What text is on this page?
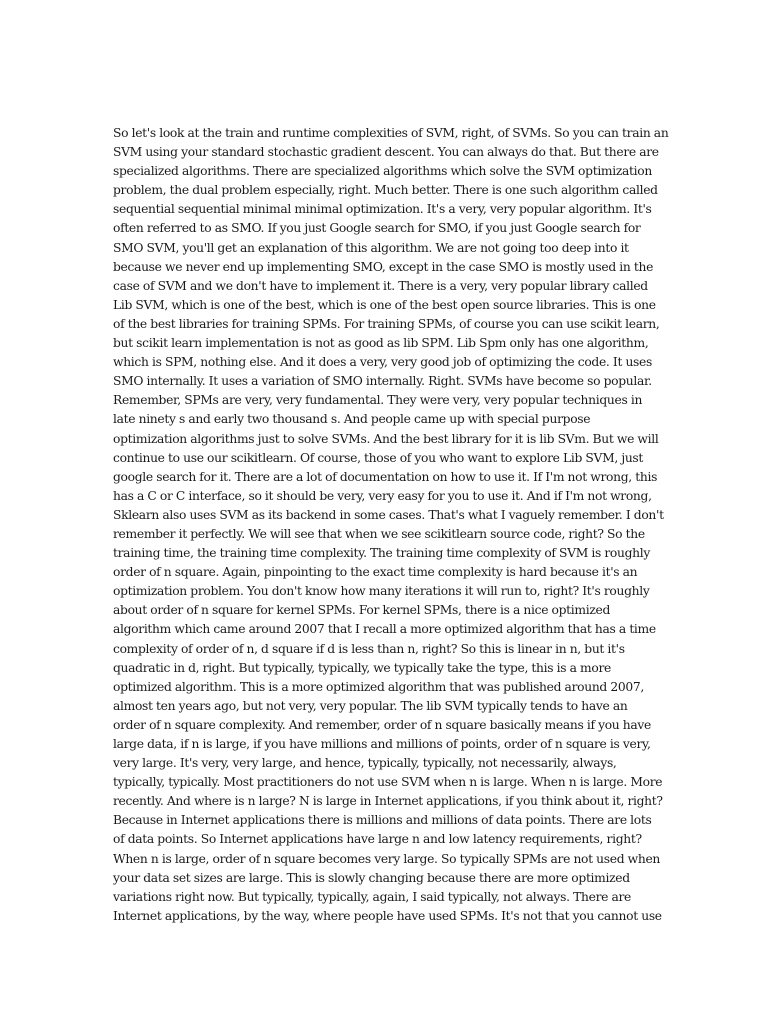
So let's look at the train and runtime complexities of SVM, right, of SVMs. So you can train an
SVM using your standard stochastic gradient descent. You can always do that. But there are
specialized algorithms. There are specialized algorithms which solve the SVM optimization
problem, the dual problem especially, right. Much better. There is one such algorithm called
sequential sequential minimal minimal optimization. It's a very, very popular algorithm. It's
often referred to as SMO. If you just Google search for SMO, if you just Google search for
SMO SVM, you'll get an explanation of this algorithm. We are not going too deep into it
because we never end up implementing SMO, except in the case SMO is mostly used in the
case of SVM and we don't have to implement it. There is a very, very popular library called
Lib SVM, which is one of the best, which is one of the best open source libraries. This is one
of the best libraries for training SPMs. For training SPMs, of course you can use scikit learn,
but scikit learn implementation is not as good as lib SPM. Lib Spm only has one algorithm,
which is SPM, nothing else. And it does a very, very good job of optimizing the code. It uses
SMO internally. It uses a variation of SMO internally. Right. SVMs have become so popular.
Remember, SPMs are very, very fundamental. They were very, very popular techniques in
late ninety s and early two thousand s. And people came up with special purpose
optimization algorithms just to solve SVMs. And the best library for it is lib SVm. But we will
continue to use our scikitlearn. Of course, those of you who want to explore Lib SVM, just
google search for it. There are a lot of documentation on how to use it. If I'm not wrong, this
has a C or C interface, so it should be very, very easy for you to use it. And if I'm not wrong,
Sklearn also uses SVM as its backend in some cases. That's what I vaguely remember. I don't
remember it perfectly. We will see that when we see scikitlearn source code, right? So the
training time, the training time complexity. The training time complexity of SVM is roughly
order of n square. Again, pinpointing to the exact time complexity is hard because it's an
optimization problem. You don't know how many iterations it will run to, right? It's roughly
about order of n square for kernel SPMs. For kernel SPMs, there is a nice optimized
algorithm which came around 2007 that I recall a more optimized algorithm that has a time
complexity of order of n, d square if d is less than n, right? So this is linear in n, but it's
quadratic in d, right. But typically, typically, we typically take the type, this is a more
optimized algorithm. This is a more optimized algorithm that was published around 2007,
almost ten years ago, but not very, very popular. The lib SVM typically tends to have an
order of n square complexity. And remember, order of n square basically means if you have
large data, if n is large, if you have millions and millions of points, order of n square is very,
very large. It's very, very large, and hence, typically, typically, not necessarily, always,
typically, typically. Most practitioners do not use SVM when n is large. When n is large. More
recently. And where is n large? N is large in Internet applications, if you think about it, right?
Because in Internet applications there is millions and millions of data points. There are lots
of data points. So Internet applications have large n and low latency requirements, right?
When n is large, order of n square becomes very large. So typically SPMs are not used when
your data set sizes are large. This is slowly changing because there are more optimized
variations right now. But typically, typically, again, I said typically, not always. There are
Internet applications, by the way, where people have used SPMs. It's not that you cannot use
